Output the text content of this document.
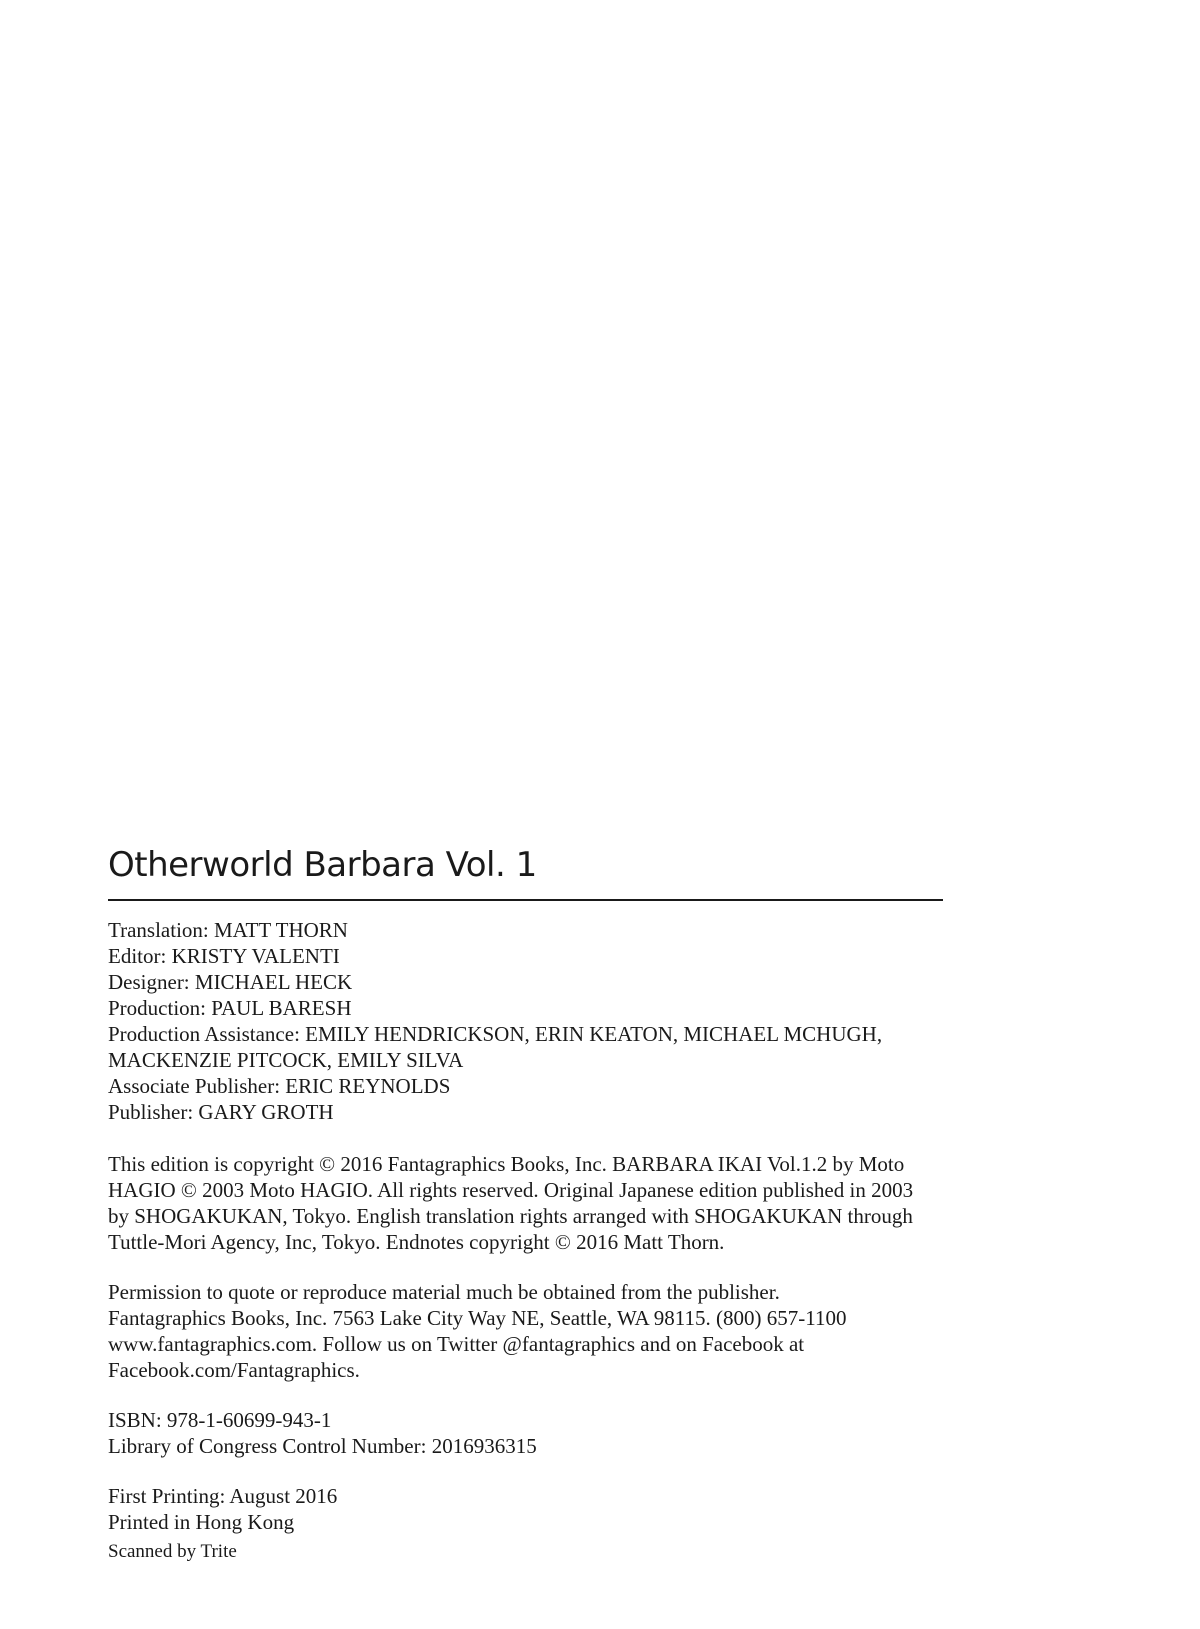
Otherworld Barbara Vol. 1
Translation: MATT THORN
Editor: KRISTY VALENTI
Designer: MICHAEL HECK
Production: PAUL BARESH
Production Assistance: EMILY HENDRICKSON, ERIN KEATON, MICHAEL MCHUGH,
MACKENZIE PITCOCK, EMILY SILVA
Associate Publisher: ERIC REYNOLDS
Publisher: GARY GROTH
This edition is copyright © 2016 Fantagraphics Books, Inc. BARBARA IKAI Vol.1.2 by Moto
HAGIO © 2003 Moto HAGIO. All rights reserved. Original Japanese edition published in 2003
by SHOGAKUKAN, Tokyo. English translation rights arranged with SHOGAKUKAN through
Tuttle-Mori Agency, Inc, Tokyo. Endnotes copyright © 2016 Matt Thorn.
Permission to quote or reproduce material much be obtained from the publisher.
Fantagraphics Books, Inc. 7563 Lake City Way NE, Seattle, WA 98115. (800) 657-1100
www.fantagraphics.com. Follow us on Twitter @fantagraphics and on Facebook at
Facebook.com/Fantagraphics.
ISBN: 978-1-60699-943-1
Library of Congress Control Number: 2016936315
First Printing: August 2016
Printed in Hong Kong
Scanned by Trite
